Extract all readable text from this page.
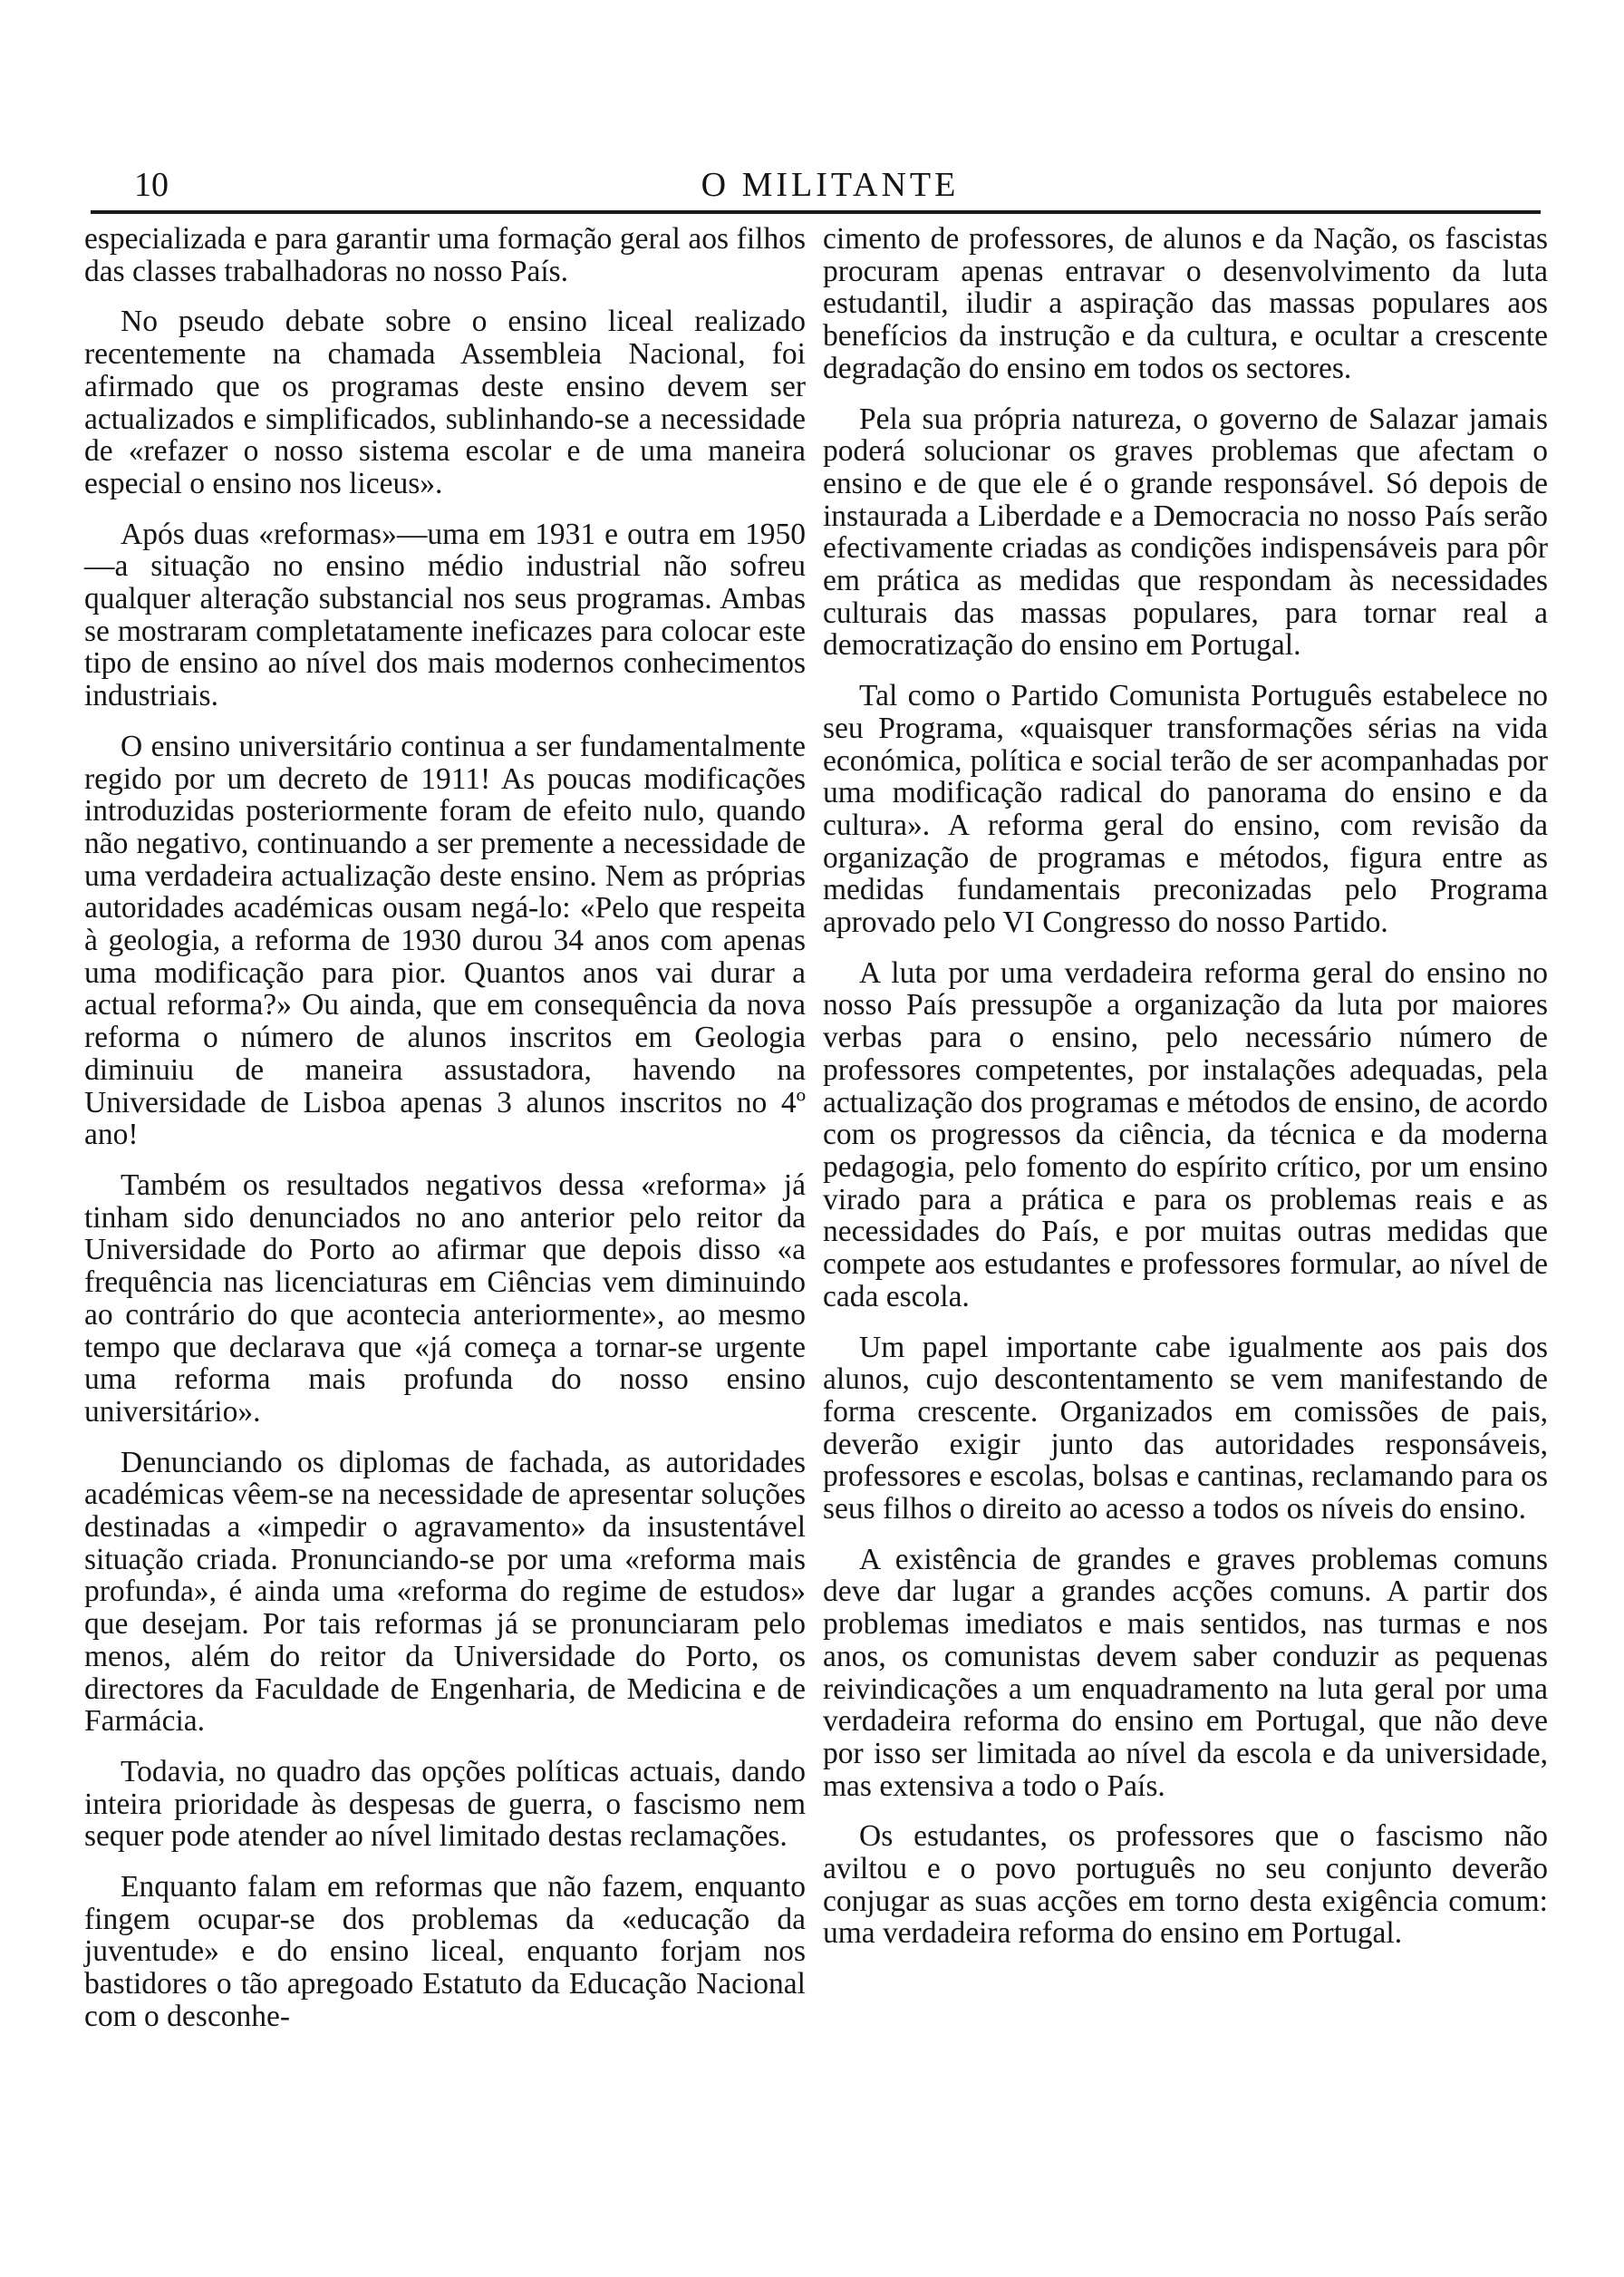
10	O MILITANTE

especializada e para garantir uma formação geral aos filhos das classes trabalhadoras no nosso País.

No pseudo debate sobre o ensino liceal realizado recentemente na chamada Assembleia Nacional, foi afirmado que os programas deste ensino devem ser actualizados e simplificados, sublinhando-se a necessidade de «refazer o nosso sistema escolar e de uma maneira especial o ensino nos liceus».

Após duas «reformas»—uma em 1931 e outra em 1950—a situação no ensino médio industrial não sofreu qualquer alteração substancial nos seus programas. Ambas se mostraram completatamente ineficazes para colocar este tipo de ensino ao nível dos mais modernos conhecimentos industriais.

O ensino universitário continua a ser fundamentalmente regido por um decreto de 1911! As poucas modificações introduzidas posteriormente foram de efeito nulo, quando não negativo, continuando a ser premente a necessidade de uma verdadeira actualização deste ensino. Nem as próprias autoridades académicas ousam negá-lo: «Pelo que respeita à geologia, a reforma de 1930 durou 34 anos com apenas uma modificação para pior. Quantos anos vai durar a actual reforma?» Ou ainda, que em consequência da nova reforma o número de alunos inscritos em Geologia diminuiu de maneira assustadora, havendo na Universidade de Lisboa apenas 3 alunos inscritos no 4º ano!

Também os resultados negativos dessa «reforma» já tinham sido denunciados no ano anterior pelo reitor da Universidade do Porto ao afirmar que depois disso «a frequência nas licenciaturas em Ciências vem diminuindo ao contrário do que acontecia anteriormente», ao mesmo tempo que declarava que «já começa a tornar-se urgente uma reforma mais profunda do nosso ensino universitário».

Denunciando os diplomas de fachada, as autoridades académicas vêem-se na necessidade de apresentar soluções destinadas a «impedir o agravamento» da insustentável situação criada. Pronunciando-se por uma «reforma mais profunda», é ainda uma «reforma do regime de estudos» que desejam. Por tais reformas já se pronunciaram pelo menos, além do reitor da Universidade do Porto, os directores da Faculdade de Engenharia, de Medicina e de Farmácia.

Todavia, no quadro das opções políticas actuais, dando inteira prioridade às despesas de guerra, o fascismo nem sequer pode atender ao nível limitado destas reclamações.

Enquanto falam em reformas que não fazem, enquanto fingem ocupar-se dos problemas da «educação da juventude» e do ensino liceal, enquanto forjam nos bastidores o tão apregoado Estatuto da Educação Nacional com o desconhe-

cimento de professores, de alunos e da Nação, os fascistas procuram apenas entravar o desenvolvimento da luta estudantil, iludir a aspiração das massas populares aos benefícios da instrução e da cultura, e ocultar a crescente degradação do ensino em todos os sectores.

Pela sua própria natureza, o governo de Salazar jamais poderá solucionar os graves problemas que afectam o ensino e de que ele é o grande responsável. Só depois de instaurada a Liberdade e a Democracia no nosso País serão efectivamente criadas as condições indispensáveis para pôr em prática as medidas que respondam às necessidades culturais das massas populares, para tornar real a democratização do ensino em Portugal.

Tal como o Partido Comunista Português estabelece no seu Programa, «quaisquer transformações sérias na vida económica, política e social terão de ser acompanhadas por uma modificação radical do panorama do ensino e da cultura». A reforma geral do ensino, com revisão da organização de programas e métodos, figura entre as medidas fundamentais preconizadas pelo Programa aprovado pelo VI Congresso do nosso Partido.

A luta por uma verdadeira reforma geral do ensino no nosso País pressupõe a organização da luta por maiores verbas para o ensino, pelo necessário número de professores competentes, por instalações adequadas, pela actualização dos programas e métodos de ensino, de acordo com os progressos da ciência, da técnica e da moderna pedagogia, pelo fomento do espírito crítico, por um ensino virado para a prática e para os problemas reais e as necessidades do País, e por muitas outras medidas que compete aos estudantes e professores formular, ao nível de cada escola.

Um papel importante cabe igualmente aos pais dos alunos, cujo descontentamento se vem manifestando de forma crescente. Organizados em comissões de pais, deverão exigir junto das autoridades responsáveis, professores e escolas, bolsas e cantinas, reclamando para os seus filhos o direito ao acesso a todos os níveis do ensino.

A existência de grandes e graves problemas comuns deve dar lugar a grandes acções comuns. A partir dos problemas imediatos e mais sentidos, nas turmas e nos anos, os comunistas devem saber conduzir as pequenas reivindicações a um enquadramento na luta geral por uma verdadeira reforma do ensino em Portugal, que não deve por isso ser limitada ao nível da escola e da universidade, mas extensiva a todo o País.

Os estudantes, os professores que o fascismo não aviltou e o povo português no seu conjunto deverão conjugar as suas acções em torno desta exigência comum: uma verdadeira reforma do ensino em Portugal.
